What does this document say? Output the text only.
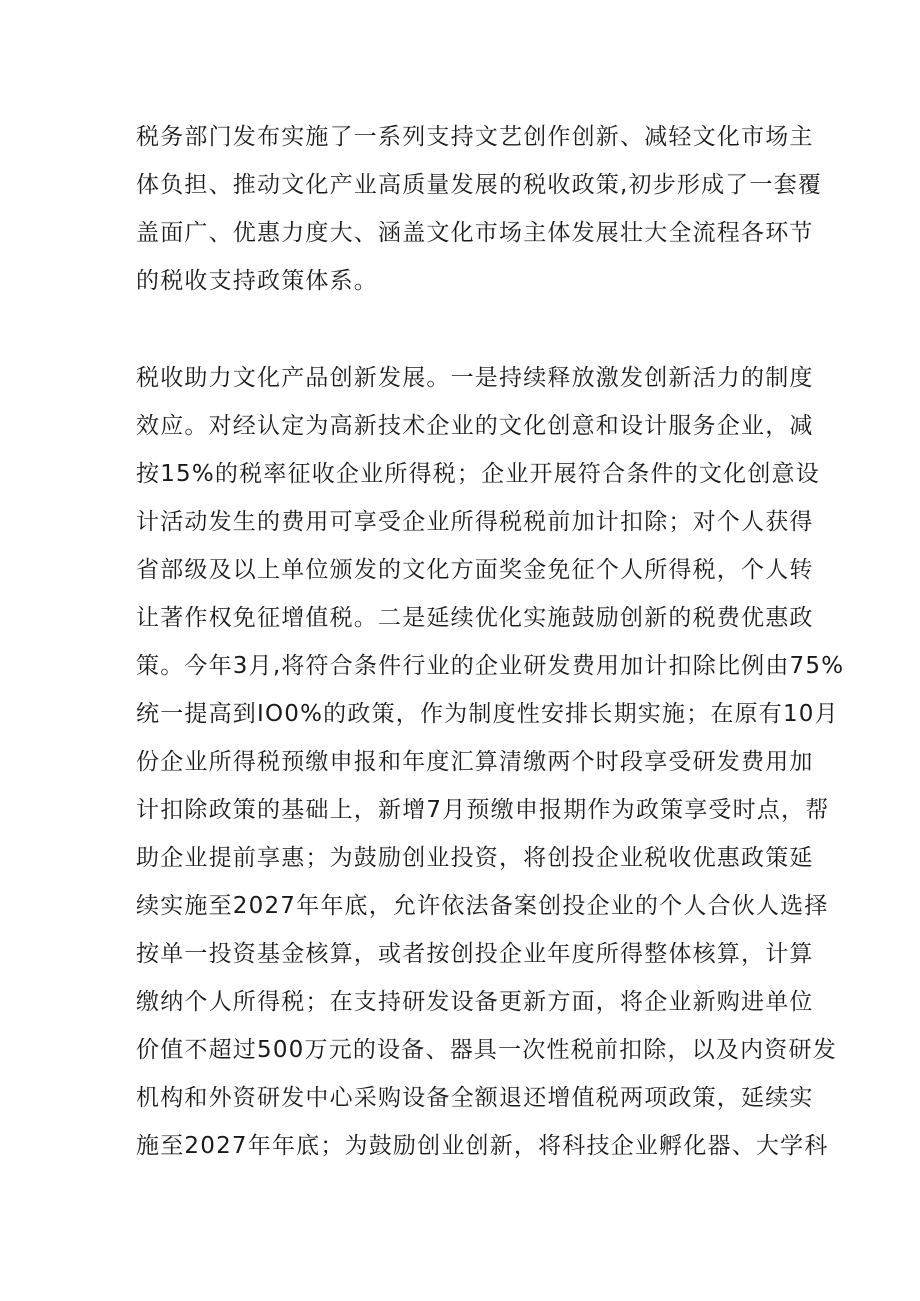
税务部门发布实施了一系列支持文艺创作创新、减轻文化市场主
体负担、推动文化产业高质量发展的税收政策,初步形成了一套覆
盖面广、优惠力度大、涵盖文化市场主体发展壮大全流程各环节
的税收支持政策体系。

税收助力文化产品创新发展。一是持续释放激发创新活力的制度
效应。对经认定为高新技术企业的文化创意和设计服务企业，减
按15%的税率征收企业所得税；企业开展符合条件的文化创意设
计活动发生的费用可享受企业所得税税前加计扣除；对个人获得
省部级及以上单位颁发的文化方面奖金免征个人所得税，个人转
让著作权免征增值税。二是延续优化实施鼓励创新的税费优惠政
策。今年3月,将符合条件行业的企业研发费用加计扣除比例由75%
统一提高到IO0%的政策，作为制度性安排长期实施；在原有10月
份企业所得税预缴申报和年度汇算清缴两个时段享受研发费用加
计扣除政策的基础上，新增7月预缴申报期作为政策享受时点，帮
助企业提前享惠；为鼓励创业投资，将创投企业税收优惠政策延
续实施至2027年年底，允许依法备案创投企业的个人合伙人选择
按单一投资基金核算，或者按创投企业年度所得整体核算，计算
缴纳个人所得税；在支持研发设备更新方面，将企业新购进单位
价值不超过500万元的设备、器具一次性税前扣除，以及内资研发
机构和外资研发中心采购设备全额退还增值税两项政策，延续实
施至2027年年底；为鼓励创业创新，将科技企业孵化器、大学科
